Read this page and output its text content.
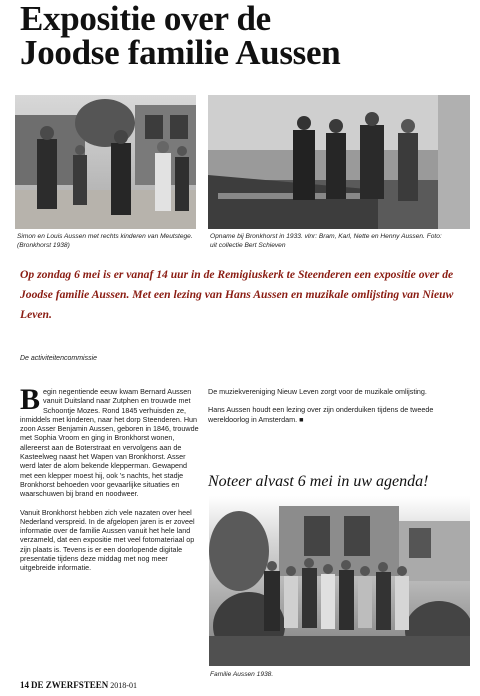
Expositie over de
Joodse familie Aussen
Simon en Louis Aussen met rechts kinderen van Meutstege. (Bronkhorst 1938)
Opname bij Bronkhorst in 1933. vlnr: Bram, Karl, Nette en Henny Aussen. Foto: uit collectie Bert Schieven
Op zondag 6 mei is er vanaf 14 uur in de Remigiuskerk te Steenderen een expositie over de Joodse familie Aussen. Met een lezing van Hans Aussen en muzikale omlijsting van Nieuw Leven.
De activiteitencommissie

Begin negentiende eeuw kwam Bernard Aussen vanuit Duitsland naar Zutphen en trouwde met Schoontje Mozes. Rond 1845 verhuisden ze, inmiddels met kinderen, naar het dorp Steenderen. Hun zoon Asser Benjamin Aussen, geboren in 1846, trouwde met Sophia Vroom en ging in Bronkhorst wonen, allereerst aan de Boterstraat en vervolgens aan de Kasteelweg naast het Wapen van Bronkhorst. Asser werd later de alom bekende klepperman. Gewapend met een klepper moest hij, ook 's nachts, het stadje Bronkhorst behoeden voor gevaarlijke situaties en waarschuwen bij brand en noodweer.

Vanuit Bronkhorst hebben zich vele nazaten over heel Nederland verspreid. In de afgelopen jaren is er zoveel informatie over de familie Aussen vanuit het hele land verzameld, dat een expositie met veel fotomateriaal op zijn plaats is. Tevens is er een doorlopende digitale presentatie tijdens deze middag met nog meer uitgebreide informatie.

De muziekvereniging Nieuw Leven zorgt voor de muzikale omlijsting.

Hans Aussen houdt een lezing over zijn onderduiken tijdens de tweede wereldoorlog in Amsterdam. ■

Noteer alvast 6 mei in uw agenda!
Familie Aussen 1938.
14 DE ZWERFSTEEN 2018-01
